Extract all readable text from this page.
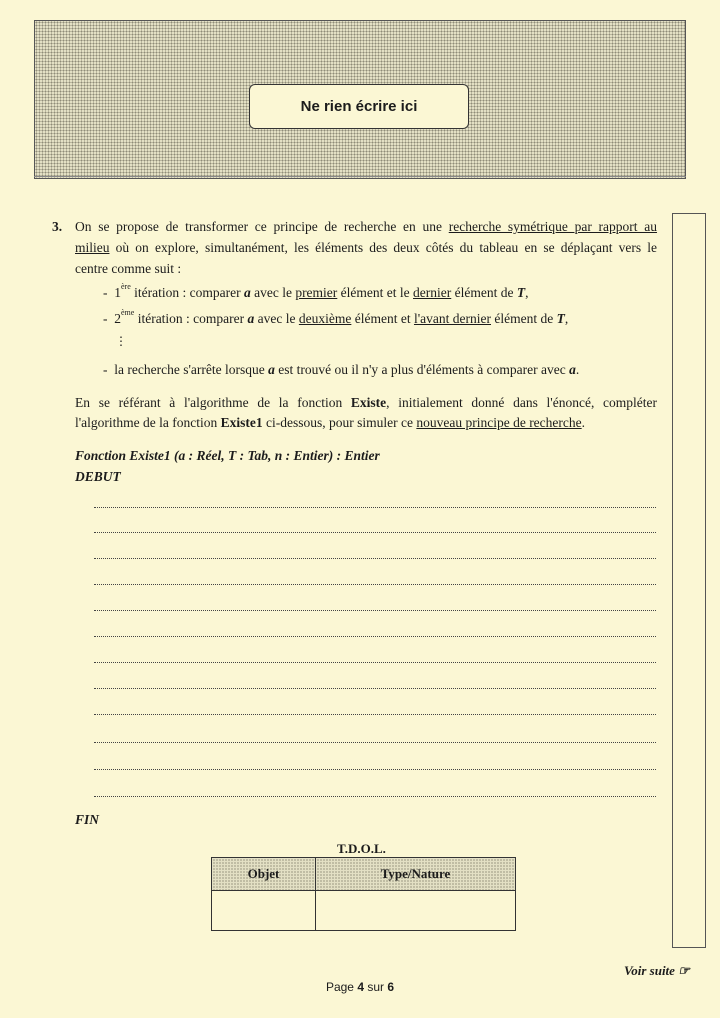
Ne rien écrire ici
3. On se propose de transformer ce principe de recherche en une recherche symétrique par rapport au
milieu où on explore, simultanément, les éléments des deux côtés du tableau en se déplaçant vers le
centre comme suit :
- 1ère itération : comparer a avec le premier élément et le dernier élément de T,
- 2ème itération : comparer a avec le deuxième élément et l'avant dernier élément de T,
⋮
- la recherche s'arrête lorsque a est trouvé ou il n'y a plus d'éléments à comparer avec a.
En se référant à l'algorithme de la fonction Existe, initialement donné dans l'énoncé, compléter
l'algorithme de la fonction Existe1 ci-dessous, pour simuler ce nouveau principe de recherche.
Fonction Existe1 (a : Réel, T : Tab, n : Entier) : Entier
DEBUT
FIN
T.D.O.L.
Objet	Type/Nature

Voir suite ☞
Page 4 sur 6
